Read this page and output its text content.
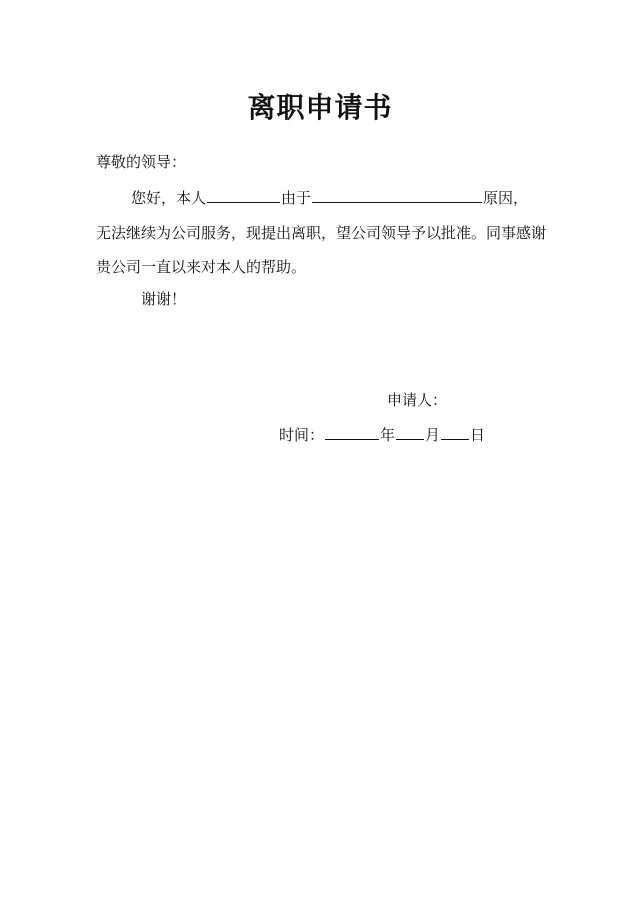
离职申请书
尊敬的领导：
您好，本人	由于	原因，
无法继续为公司服务，现提出离职，望公司领导予以批准。同事感谢
贵公司一直以来对本人的帮助。
谢谢！
申请人：
时间：	年 月 日
